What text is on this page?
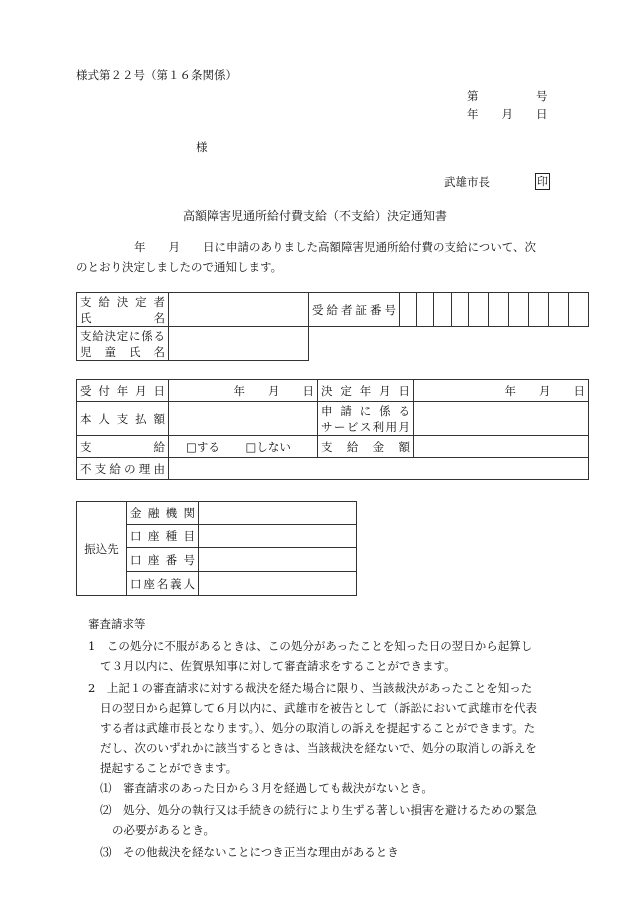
様式第２２号（第１６条関係）
第　　　　　号
年　　月　　日
様
武雄市長	印
高額障害児通所給付費支給（不支給）決定通知書
年　　月　　日に申請のありました高額障害児通所給付費の支給について、次
のとおり決定しましたので通知します。
支給決定者
氏　　　名		受給者証番号										

支給決定に係る
児 童 氏 名												

受付年月日	年　　月　　日	決定年月日	年　　月　　日
本人支払額		申 請 に 係 る
サービス利用月	

支　　　給	□する □しない	支給金額	
不支給の理由			
振込先	金融機関	
	口座種目	
	口座番号	
	口座名義人	
審査請求等
1　この処分に不服があるときは、この処分があったことを知った日の翌日から起算し
て３月以内に、佐賀県知事に対して審査請求をすることができます。
2　上記１の審査請求に対する裁決を経た場合に限り、当該裁決があったことを知った
日の翌日から起算して６月以内に、武雄市を被告として（訴訟において武雄市を代表
する者は武雄市長となります。）、処分の取消しの訴えを提起することができます。た
だし、次のいずれかに該当するときは、当該裁決を経ないで、処分の取消しの訴えを
提起することができます。
⑴　審査請求のあった日から３月を経過しても裁決がないとき。
⑵　処分、処分の執行又は手続きの続行により生ずる著しい損害を避けるための緊急
の必要があるとき。
⑶　その他裁決を経ないことにつき正当な理由があるとき
